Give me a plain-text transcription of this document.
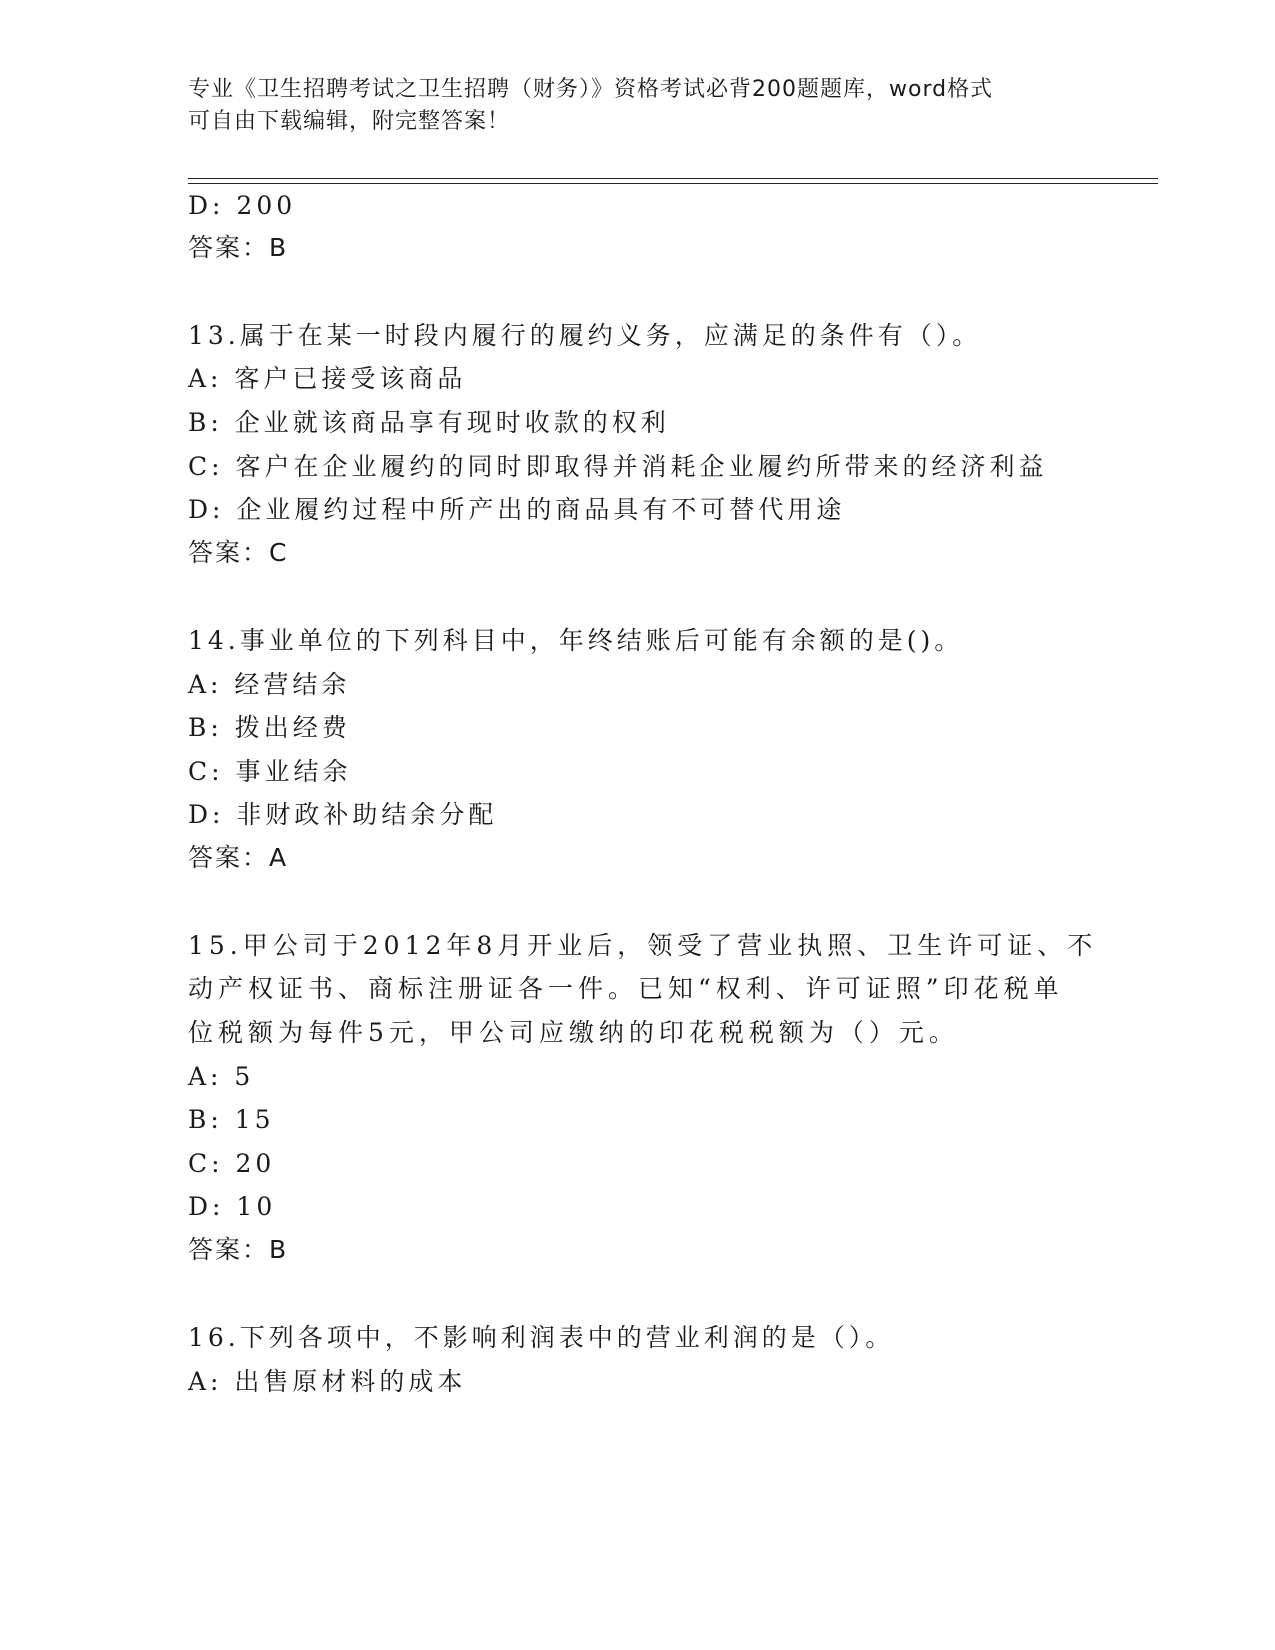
专业《卫生招聘考试之卫生招聘（财务）》资格考试必背200题题库，word格式
可自由下载编辑，附完整答案！
D: 200
答案：B
13.属于在某一时段内履行的履约义务，应满足的条件有（）。
A: 客户已接受该商品
B: 企业就该商品享有现时收款的权利
C: 客户在企业履约的同时即取得并消耗企业履约所带来的经济利益
D: 企业履约过程中所产出的商品具有不可替代用途
答案：C
14.事业单位的下列科目中，年终结账后可能有余额的是()。
A: 经营结余
B: 拨出经费
C: 事业结余
D: 非财政补助结余分配
答案：A
15.甲公司于2012年8月开业后，领受了营业执照、卫生许可证、不
动产权证书、商标注册证各一件。已知“权利、许可证照”印花税单
位税额为每件5元，甲公司应缴纳的印花税税额为（）元。
A: 5
B: 15
C: 20
D: 10
答案：B
16.下列各项中，不影响利润表中的营业利润的是（）。
A: 出售原材料的成本
